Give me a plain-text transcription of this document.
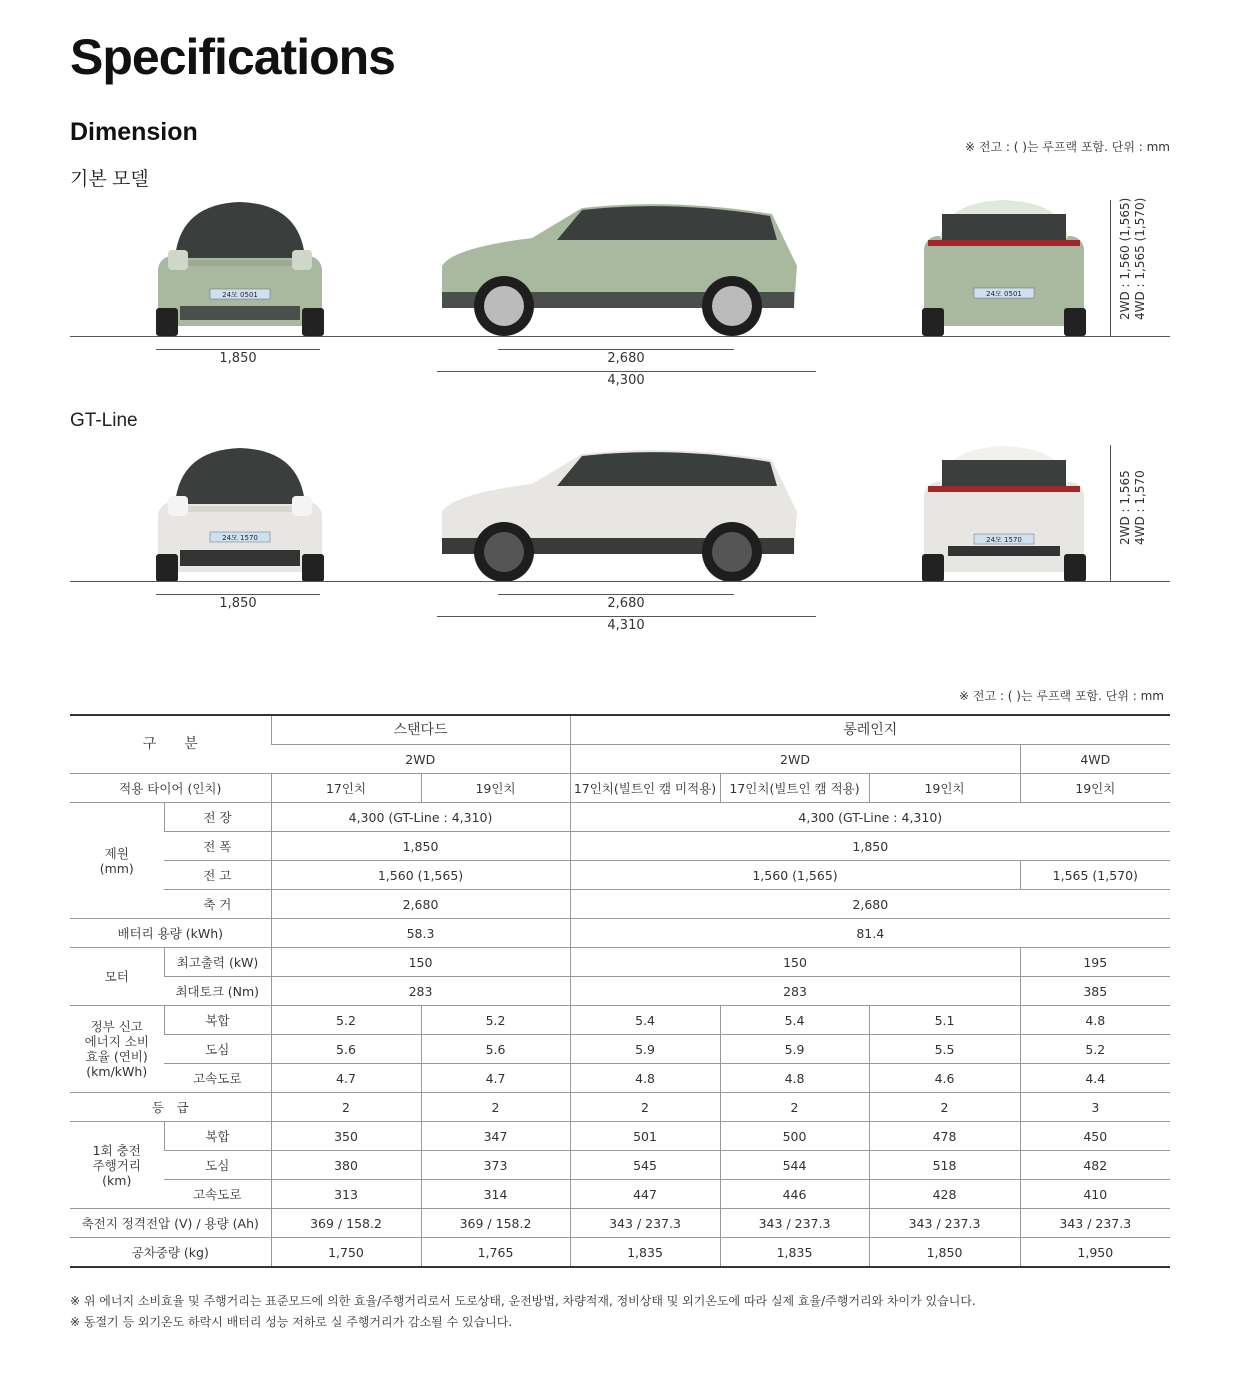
Specifications
Dimension
※ 전고 : ( )는 루프랙 포함. 단위 : mm
기본 모델
24모 0501	24모 0501
1,850	2,680
4,300
2WD : 1,560 (1,565) 4WD : 1,565 (1,570)
GT-Line
24모 1570	24모 1570
1,850	2,680
4,310
2WD : 1,565 4WD : 1,570
※ 전고 : ( )는 루프랙 포함. 단위 : mm
구　　분		스탠다드		롱레인지			
		2WD		2WD			4WD
적용 타이어 (인치)		17인치	19인치	17인치(빌트인 캠 미적용)	17인치(빌트인 캠 적용)	19인치	19인치
제원
(mm)	전 장	4,300 (GT-Line : 4,310)		4,300 (GT-Line : 4,310)			
	전 폭	1,850		1,850			
	전 고	1,560 (1,565)		1,560 (1,565)			1,565 (1,570)
	축 거	2,680		2,680			
배터리 용량 (kWh)		58.3		81.4			
모터	최고출력 (kW)	150		150			195
	최대토크 (Nm)	283		283			385
정부 신고
에너지 소비
효율 (연비)
(km/kWh)	복합	5.2	5.2	5.4	5.4	5.1	4.8
	도심	5.6	5.6	5.9	5.9	5.5	5.2
	고속도로	4.7	4.7	4.8	4.8	4.6	4.4
등　급		2	2	2	2	2	3
1회 충전
주행거리
(km)	복합	350	347	501	500	478	450
	도심	380	373	545	544	518	482
	고속도로	313	314	447	446	428	410
축전지 정격전압 (V) / 용량 (Ah)		369 / 158.2	369 / 158.2	343 / 237.3	343 / 237.3	343 / 237.3	343 / 237.3
공차중량 (kg)		1,750	1,765	1,835	1,835	1,850	1,950
※ 위 에너지 소비효율 및 주행거리는 표준모드에 의한 효율/주행거리로서 도로상태, 운전방법, 차량적재, 정비상태 및 외기온도에 따라 실제 효율/주행거리와 차이가 있습니다.
※ 동절기 등 외기온도 하락시 배터리 성능 저하로 실 주행거리가 감소될 수 있습니다.
